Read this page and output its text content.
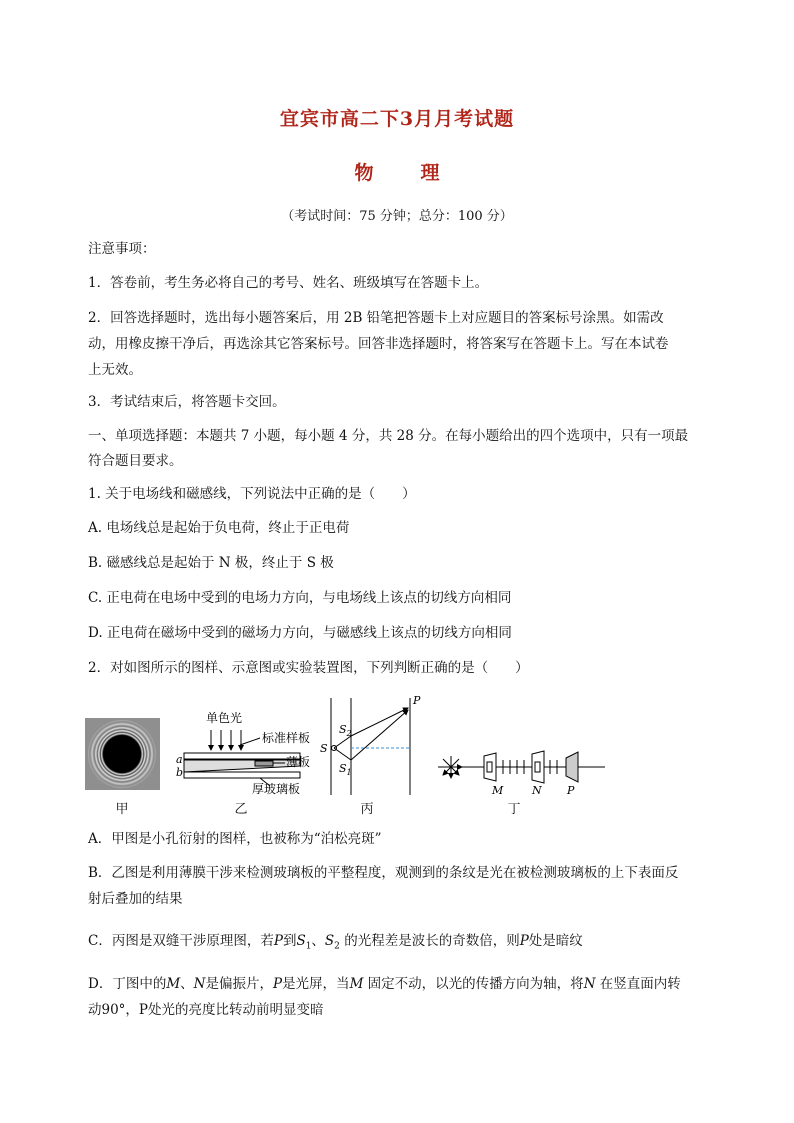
宜宾市高二下3月月考试题
物　理
（考试时间：75 分钟；总分：100 分）
注意事项：
1．答卷前，考生务必将自己的考号、姓名、班级填写在答题卡上。
2．回答选择题时，选出每小题答案后，用 2B 铅笔把答题卡上对应题目的答案标号涂黑。如需改
动，用橡皮擦干净后，再选涂其它答案标号。回答非选择题时，将答案写在答题卡上。写在本试卷
上无效。
3．考试结束后，将答题卡交回。
一、单项选择题：本题共 7 小题，每小题 4 分，共 28 分。在每小题给出的四个选项中，只有一项最
符合题目要求。
1. 关于电场线和磁感线，下列说法中正确的是（　　）
A. 电场线总是起始于负电荷，终止于正电荷
B. 磁感线总是起始于 N 极，终止于 S 极
C. 正电荷在电场中受到的电场力方向，与电场线上该点的切线方向相同
D. 正电荷在磁场中受到的磁场力方向，与磁感线上该点的切线方向相同
2．对如图所示的图样、示意图或实验装置图，下列判断正确的是（　　）
单色光
标准样板
薄板
厚玻璃板
a
b
P
S
$S_2$
$S_1$
M	N P
甲	乙	丙	丁
A．甲图是小孔衍射的图样，也被称为“泊松亮斑”
B．乙图是利用薄膜干涉来检测玻璃板的平整程度，观测到的条纹是光在被检测玻璃板的上下表面反
射后叠加的结果
C．丙图是双缝干涉原理图，若P到$S_1$、$S_2$ 的光程差是波长的奇数倍，则P处是暗纹
D．丁图中的M、N是偏振片，P是光屏，当M 固定不动，以光的传播方向为轴，将N 在竖直面内转
动90°，P处光的亮度比转动前明显变暗
